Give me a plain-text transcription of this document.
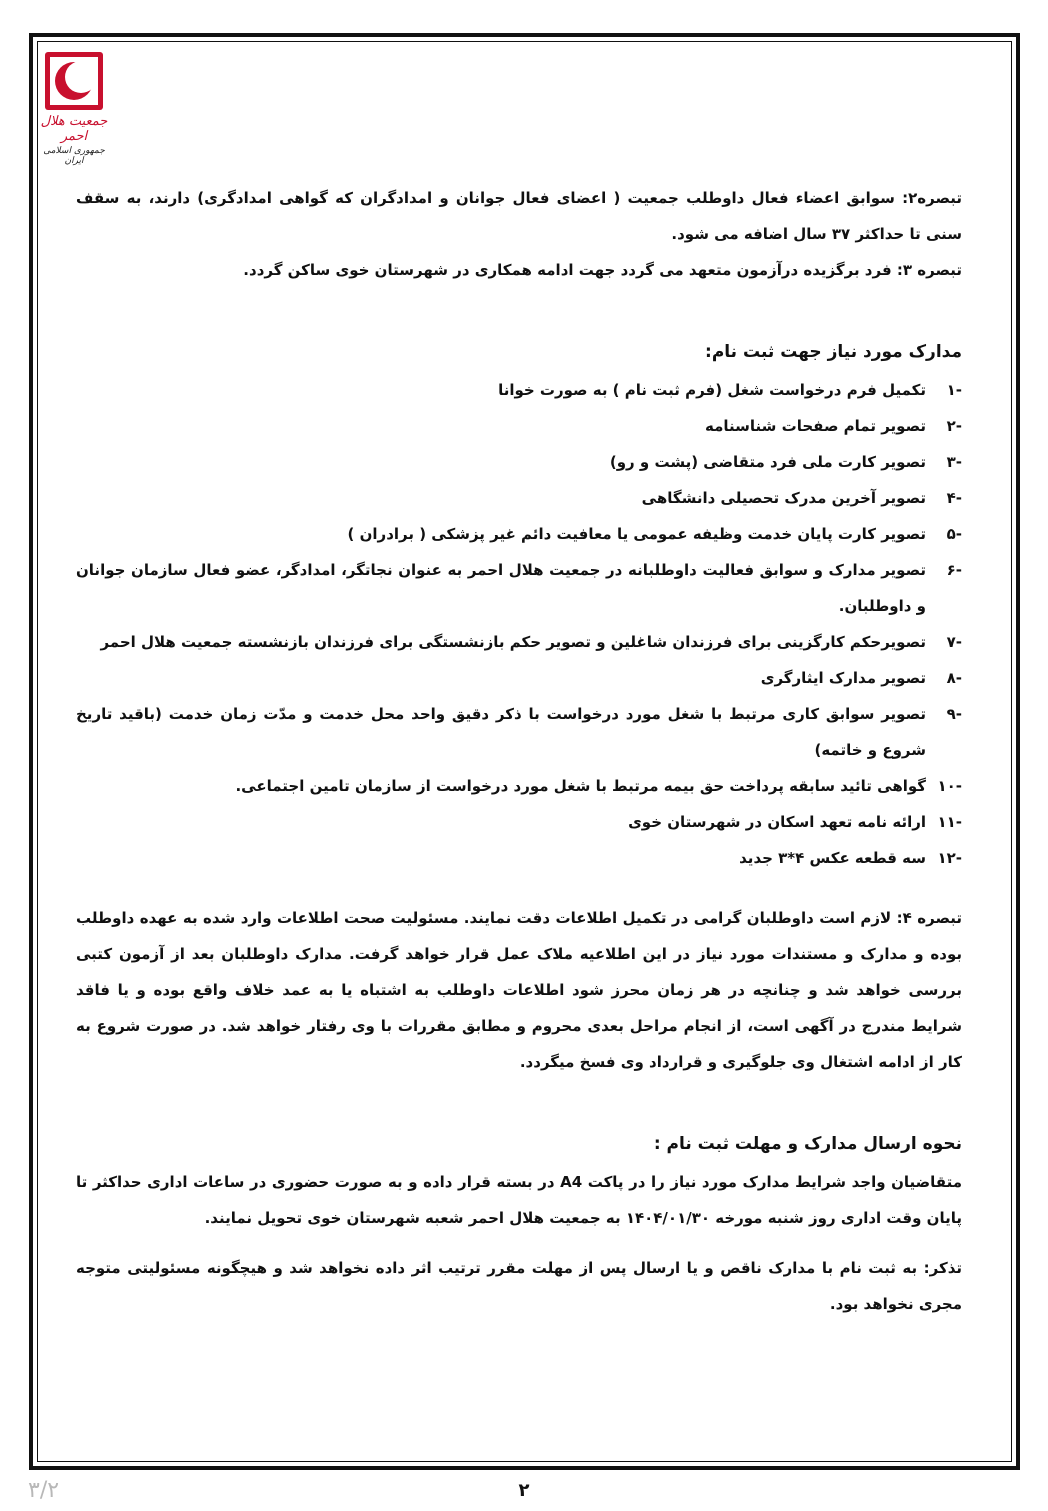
جمعیت هلال احمر
جمهوری اسلامی ایران

تبصره۲: سوابق اعضاء فعال داوطلب جمعیت ( اعضای فعال جوانان و امدادگران که گواهی امدادگری) دارند، به سقف سنی تا حداکثر ۳۷ سال اضافه می شود.

تبصره ۳: فرد برگزیده درآزمون متعهد می گردد جهت ادامه همکاری در شهرستان خوی ساکن گردد.

مدارک مورد نیاز جهت ثبت نام:
-۱
تکمیل فرم درخواست شغل (فرم ثبت نام ) به صورت خوانا
-۲
تصویر تمام صفحات شناسنامه
-۳
تصویر کارت ملی فرد متقاضی (پشت و رو)
-۴
تصویر آخرین مدرک تحصیلی دانشگاهی
-۵
تصویر کارت پایان خدمت وظیفه عمومی یا معافیت دائم غیر پزشکی ( برادران )
-۶
تصویر مدارک و سوابق فعالیت داوطلبانه در جمعیت هلال احمر به عنوان نجاتگر، امدادگر، عضو فعال سازمان جوانان و داوطلبان.
-۷
تصویرحکم کارگزینی برای فرزندان شاغلین و تصویر حکم بازنشستگی برای فرزندان بازنشسته جمعیت هلال احمر
-۸
تصویر مدارک ایثارگری
-۹
تصویر سوابق کاری مرتبط با شغل مورد درخواست با ذکر دقیق واحد محل خدمت و مدّت زمان خدمت (باقید تاریخ شروع و خاتمه)
-۱۰
گواهی تائید سابقه پرداخت حق بیمه مرتبط با شغل مورد درخواست از سازمان تامین اجتماعی.
-۱۱
ارائه نامه تعهد اسکان در شهرستان خوی
-۱۲
سه قطعه عکس ۴*۳ جدید

تبصره ۴: لازم است داوطلبان گرامی در تکمیل اطلاعات دقت نمایند. مسئولیت صحت اطلاعات وارد شده به عهده داوطلب بوده و مدارک و مستندات مورد نیاز در این اطلاعیه ملاک عمل قرار خواهد گرفت. مدارک داوطلبان بعد از آزمون کتبی بررسی خواهد شد و چنانچه در هر زمان محرز شود اطلاعات داوطلب به اشتباه یا به عمد خلاف واقع بوده و یا فاقد شرایط مندرج در آگهی است، از انجام مراحل بعدی محروم و مطابق مقررات با وی رفتار خواهد شد. در صورت شروع به کار از ادامه اشتغال وی جلوگیری و قرارداد وی فسخ میگردد.

نحوه ارسال مدارک و مهلت ثبت نام :

متقاضیان واجد شرایط مدارک مورد نیاز را در پاکت A4 در بسته قرار داده و به صورت حضوری در ساعات اداری حداکثر تا پایان وقت اداری روز شنبه مورخه ۱۴۰۴/۰۱/۳۰ به جمعیت هلال احمر شعبه شهرستان خوی تحویل نمایند.

تذکر: به ثبت نام با مدارک ناقص و یا ارسال پس از مهلت مقرر ترتیب اثر داده نخواهد شد و هیچگونه مسئولیتی متوجه مجری نخواهد بود.

۲
۳/۲
